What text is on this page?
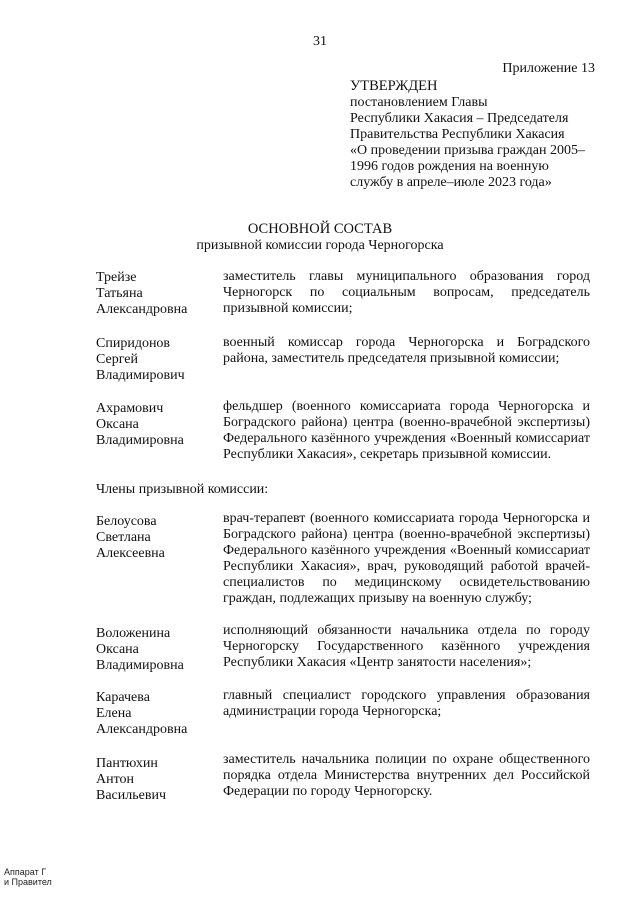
31
Приложение 13
УТВЕРЖДЕН
постановлением Главы
Республики Хакасия – Председателя
Правительства Республики Хакасия
«О проведении призыва граждан 2005–
1996 годов рождения на военную
службу в апреле–июле 2023 года»
ОСНОВНОЙ СОСТАВ
призывной комиссии города Черногорска
Трейзе
Татьяна
Александровна

заместитель главы муниципального образования город Черногорск по социальным вопросам, председатель призывной комиссии;

Спиридонов
Сергей
Владимирович

военный комиссар города Черногорска и Боградского района, заместитель председателя призывной комиссии;

Ахрамович
Оксана
Владимировна

фельдшер (военного комиссариата города Черногорска и Боградского района) центра (военно-врачебной экспертизы) Федерального казённого учреждения «Военный комиссариат Республики Хакасия», секретарь призывной комиссии.

Члены призывной комиссии:
Белоусова
Светлана
Алексеевна

врач-терапевт (военного комиссариата города Черногорска и Боградского района) центра (военно-врачебной экспертизы) Федерального казённого учреждения «Военный комиссариат Республики Хакасия», врач, руководящий работой врачей-специалистов по медицинскому освидетельствованию граждан, подлежащих призыву на военную службу;

Воложенина
Оксана
Владимировна

исполняющий обязанности начальника отдела по городу Черногорску Государственного казённого учреждения Республики Хакасия «Центр занятости населения»;

Карачева
Елена
Александровна

главный специалист городского управления образования администрации города Черногорска;

Пантюхин
Антон
Васильевич

заместитель начальника полиции по охране общественного порядка отдела Министерства внутренних дел Российской Федерации по городу Черногорску.

Аппарат Г
и Правител
